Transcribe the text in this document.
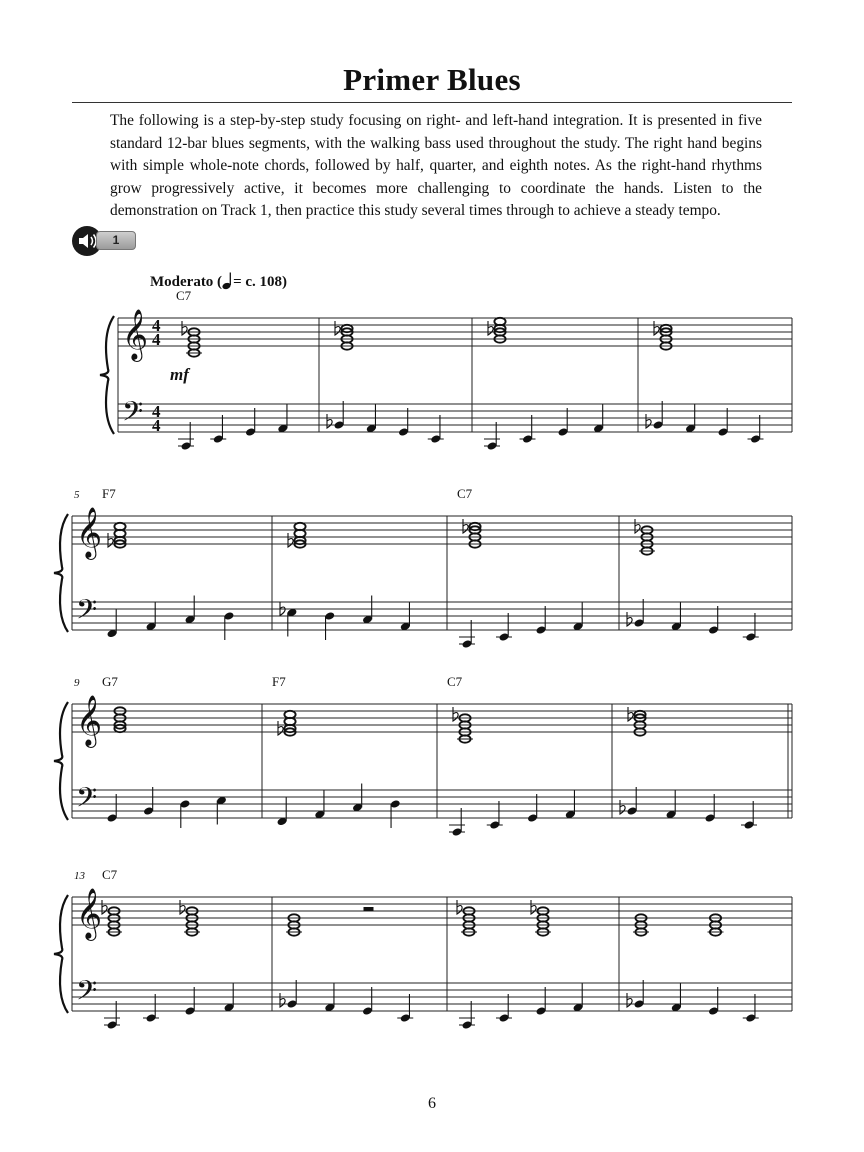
Primer Blues

The following is a step-by-step study focusing on right- and left-hand integration. It is presented in five standard 12-bar blues segments, with the walking bass used throughout the study. The right hand begins with simple whole-note chords, followed by half, quarter, and eighth notes. As the right-hand rhythms grow progressively active, it becomes more challenging to coordinate the hands. Listen to the demonstration on Track 1, then practice this study several times through to achieve a steady tempo.

1
Moderato ( = c. 108)
𝄞
𝄢
4
4
4
4
mf
C7
𝄞
𝄢
5 F7	C7
𝄞
𝄢
9 G7	F7	C7
𝄞
𝄢
13 C7
6
